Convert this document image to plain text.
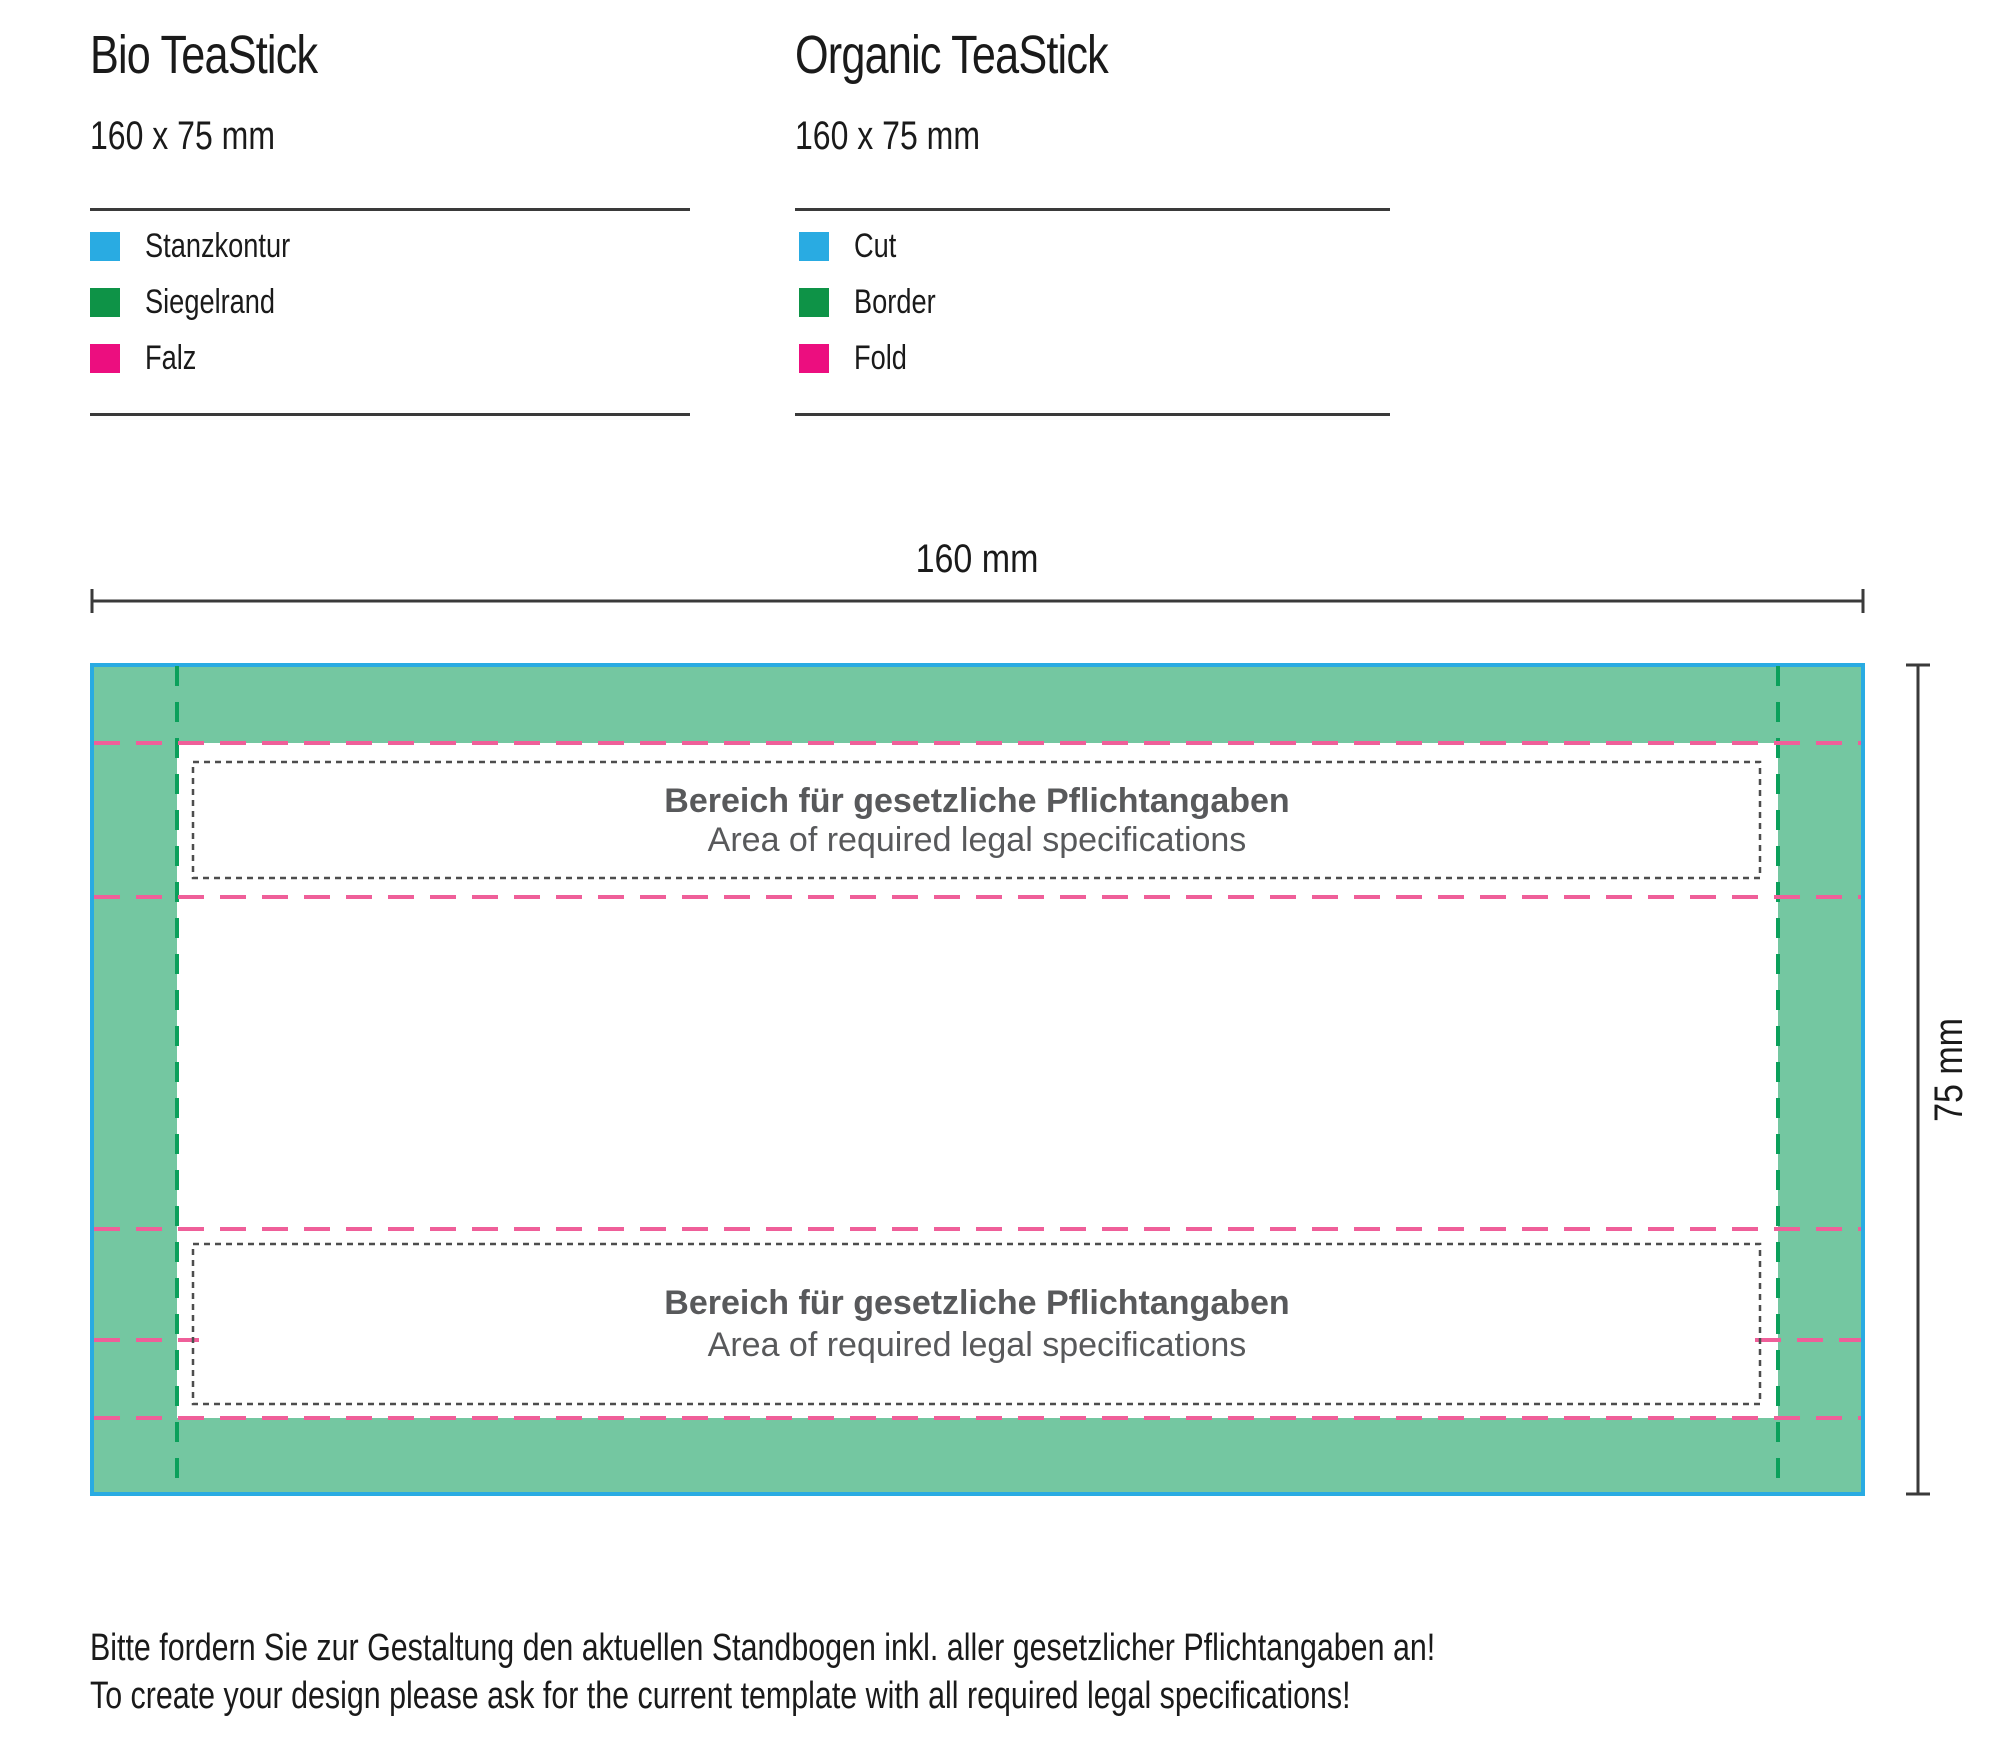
Bio TeaStick
160 x 75 mm
Stanzkontur
Siegelrand
Falz
Organic TeaStick
160 x 75 mm
Cut
Border
Fold
160 mm
Bereich für gesetzliche Pflichtangaben
Area of required legal specifications
Bereich für gesetzliche Pflichtangaben
Area of required legal specifications
75 mm
Bitte fordern Sie zur Gestaltung den aktuellen Standbogen inkl. aller gesetzlicher Pflichtangaben an!
To create your design please ask for the current template with all required legal specifications!
